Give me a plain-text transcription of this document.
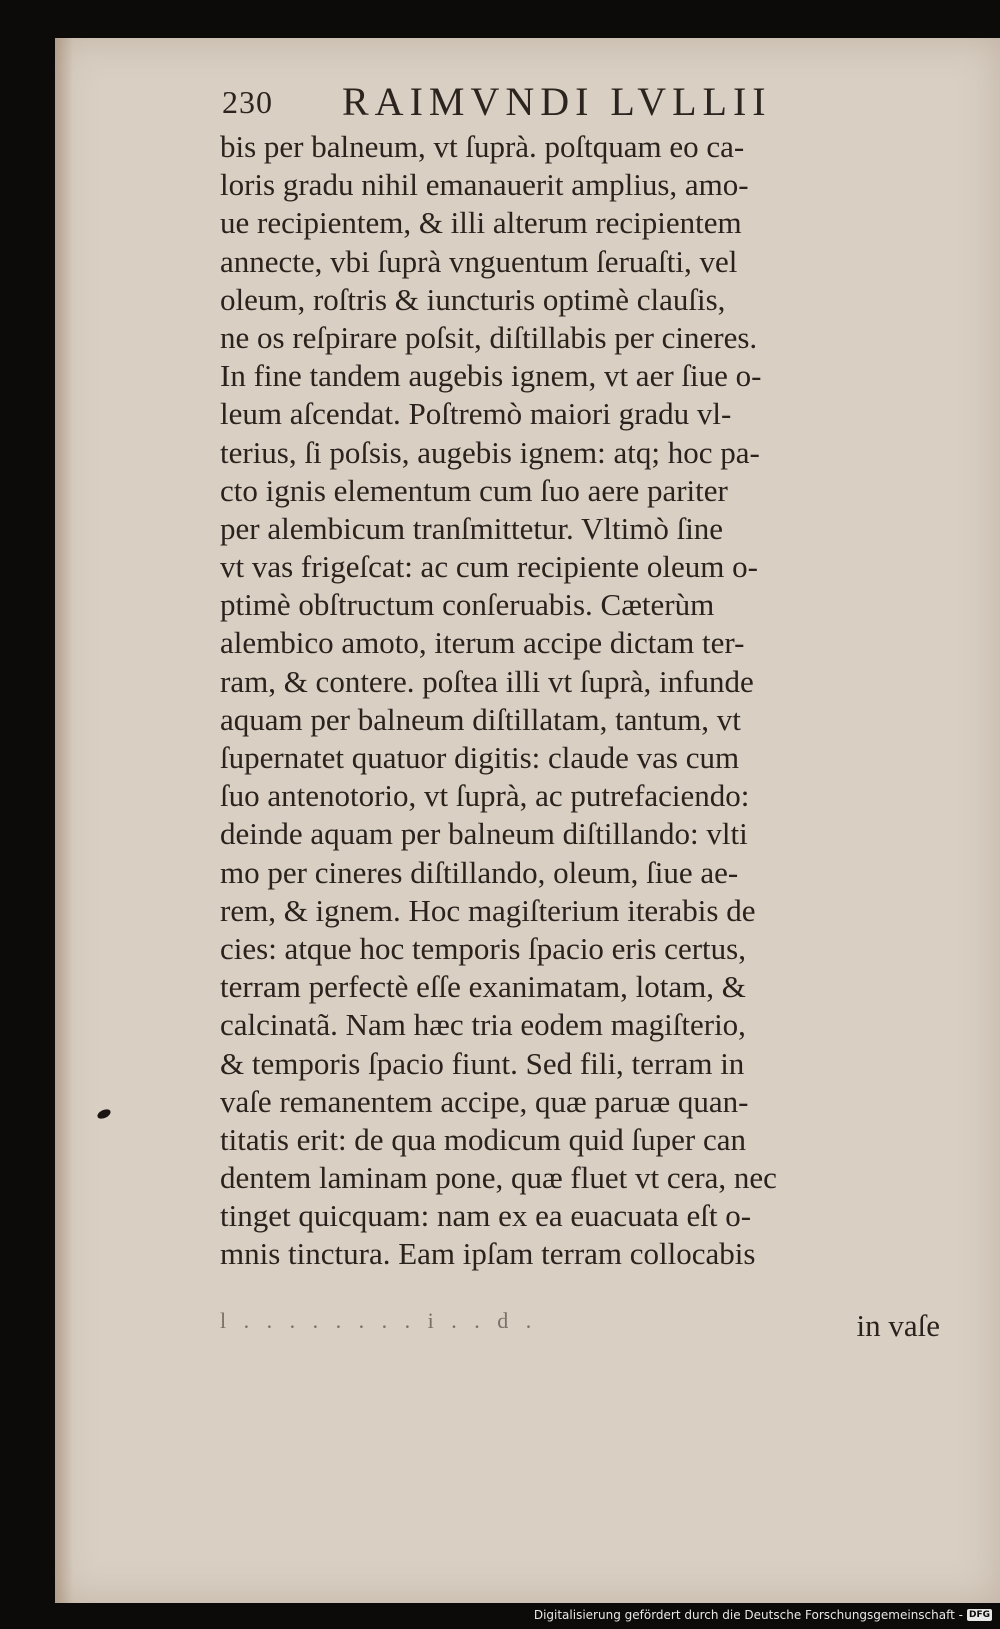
230 RAIMVNDI LVLLII
bis per balneum, vt ſuprà. poſtquam eo ca-
loris gradu nihil emanauerit amplius, amo-
ue recipientem, & illi alterum recipientem
annecte, vbi ſuprà vnguentum ſeruaſti, vel
oleum, roſtris & iuncturis optimè clauſis,
ne os reſpirare poſsit, diſtillabis per cineres.
In fine tandem augebis ignem, vt aer ſiue o-
leum aſcendat. Poſtremò maiori gradu vl-
terius, ſi poſsis, augebis ignem: atq; hoc pa-
cto ignis elementum cum ſuo aere pariter
per alembicum tranſmittetur. Vltimò ſine
vt vas frigeſcat: ac cum recipiente oleum o-
ptimè obſtructum conſeruabis. Cæterùm
alembico amoto, iterum accipe dictam ter-
ram, & contere. poſtea illi vt ſuprà, infunde
aquam per balneum diſtillatam, tantum, vt
ſupernatet quatuor digitis: claude vas cum
ſuo antenotorio, vt ſuprà, ac putrefaciendo:
deinde aquam per balneum diſtillando: vlti
mo per cineres diſtillando, oleum, ſiue ae-
rem, & ignem. Hoc magiſterium iterabis de
cies: atque hoc temporis ſpacio eris certus,
terram perfectè eſſe exanimatam, lotam, &
calcinatã. Nam hæc tria eodem magiſterio,
& temporis ſpacio fiunt. Sed fili, terram in
vaſe remanentem accipe, quæ paruæ quan-
titatis erit: de qua modicum quid ſuper can
dentem laminam pone, quæ fluet vt cera, nec
tinget quicquam: nam ex ea euacuata eſt o-
mnis tinctura. Eam ipſam terram collocabis
l . . . . . . . . i . . d .	in vaſe
Digitalisierung gefördert durch die Deutsche Forschungsgemeinschaft - DFG
